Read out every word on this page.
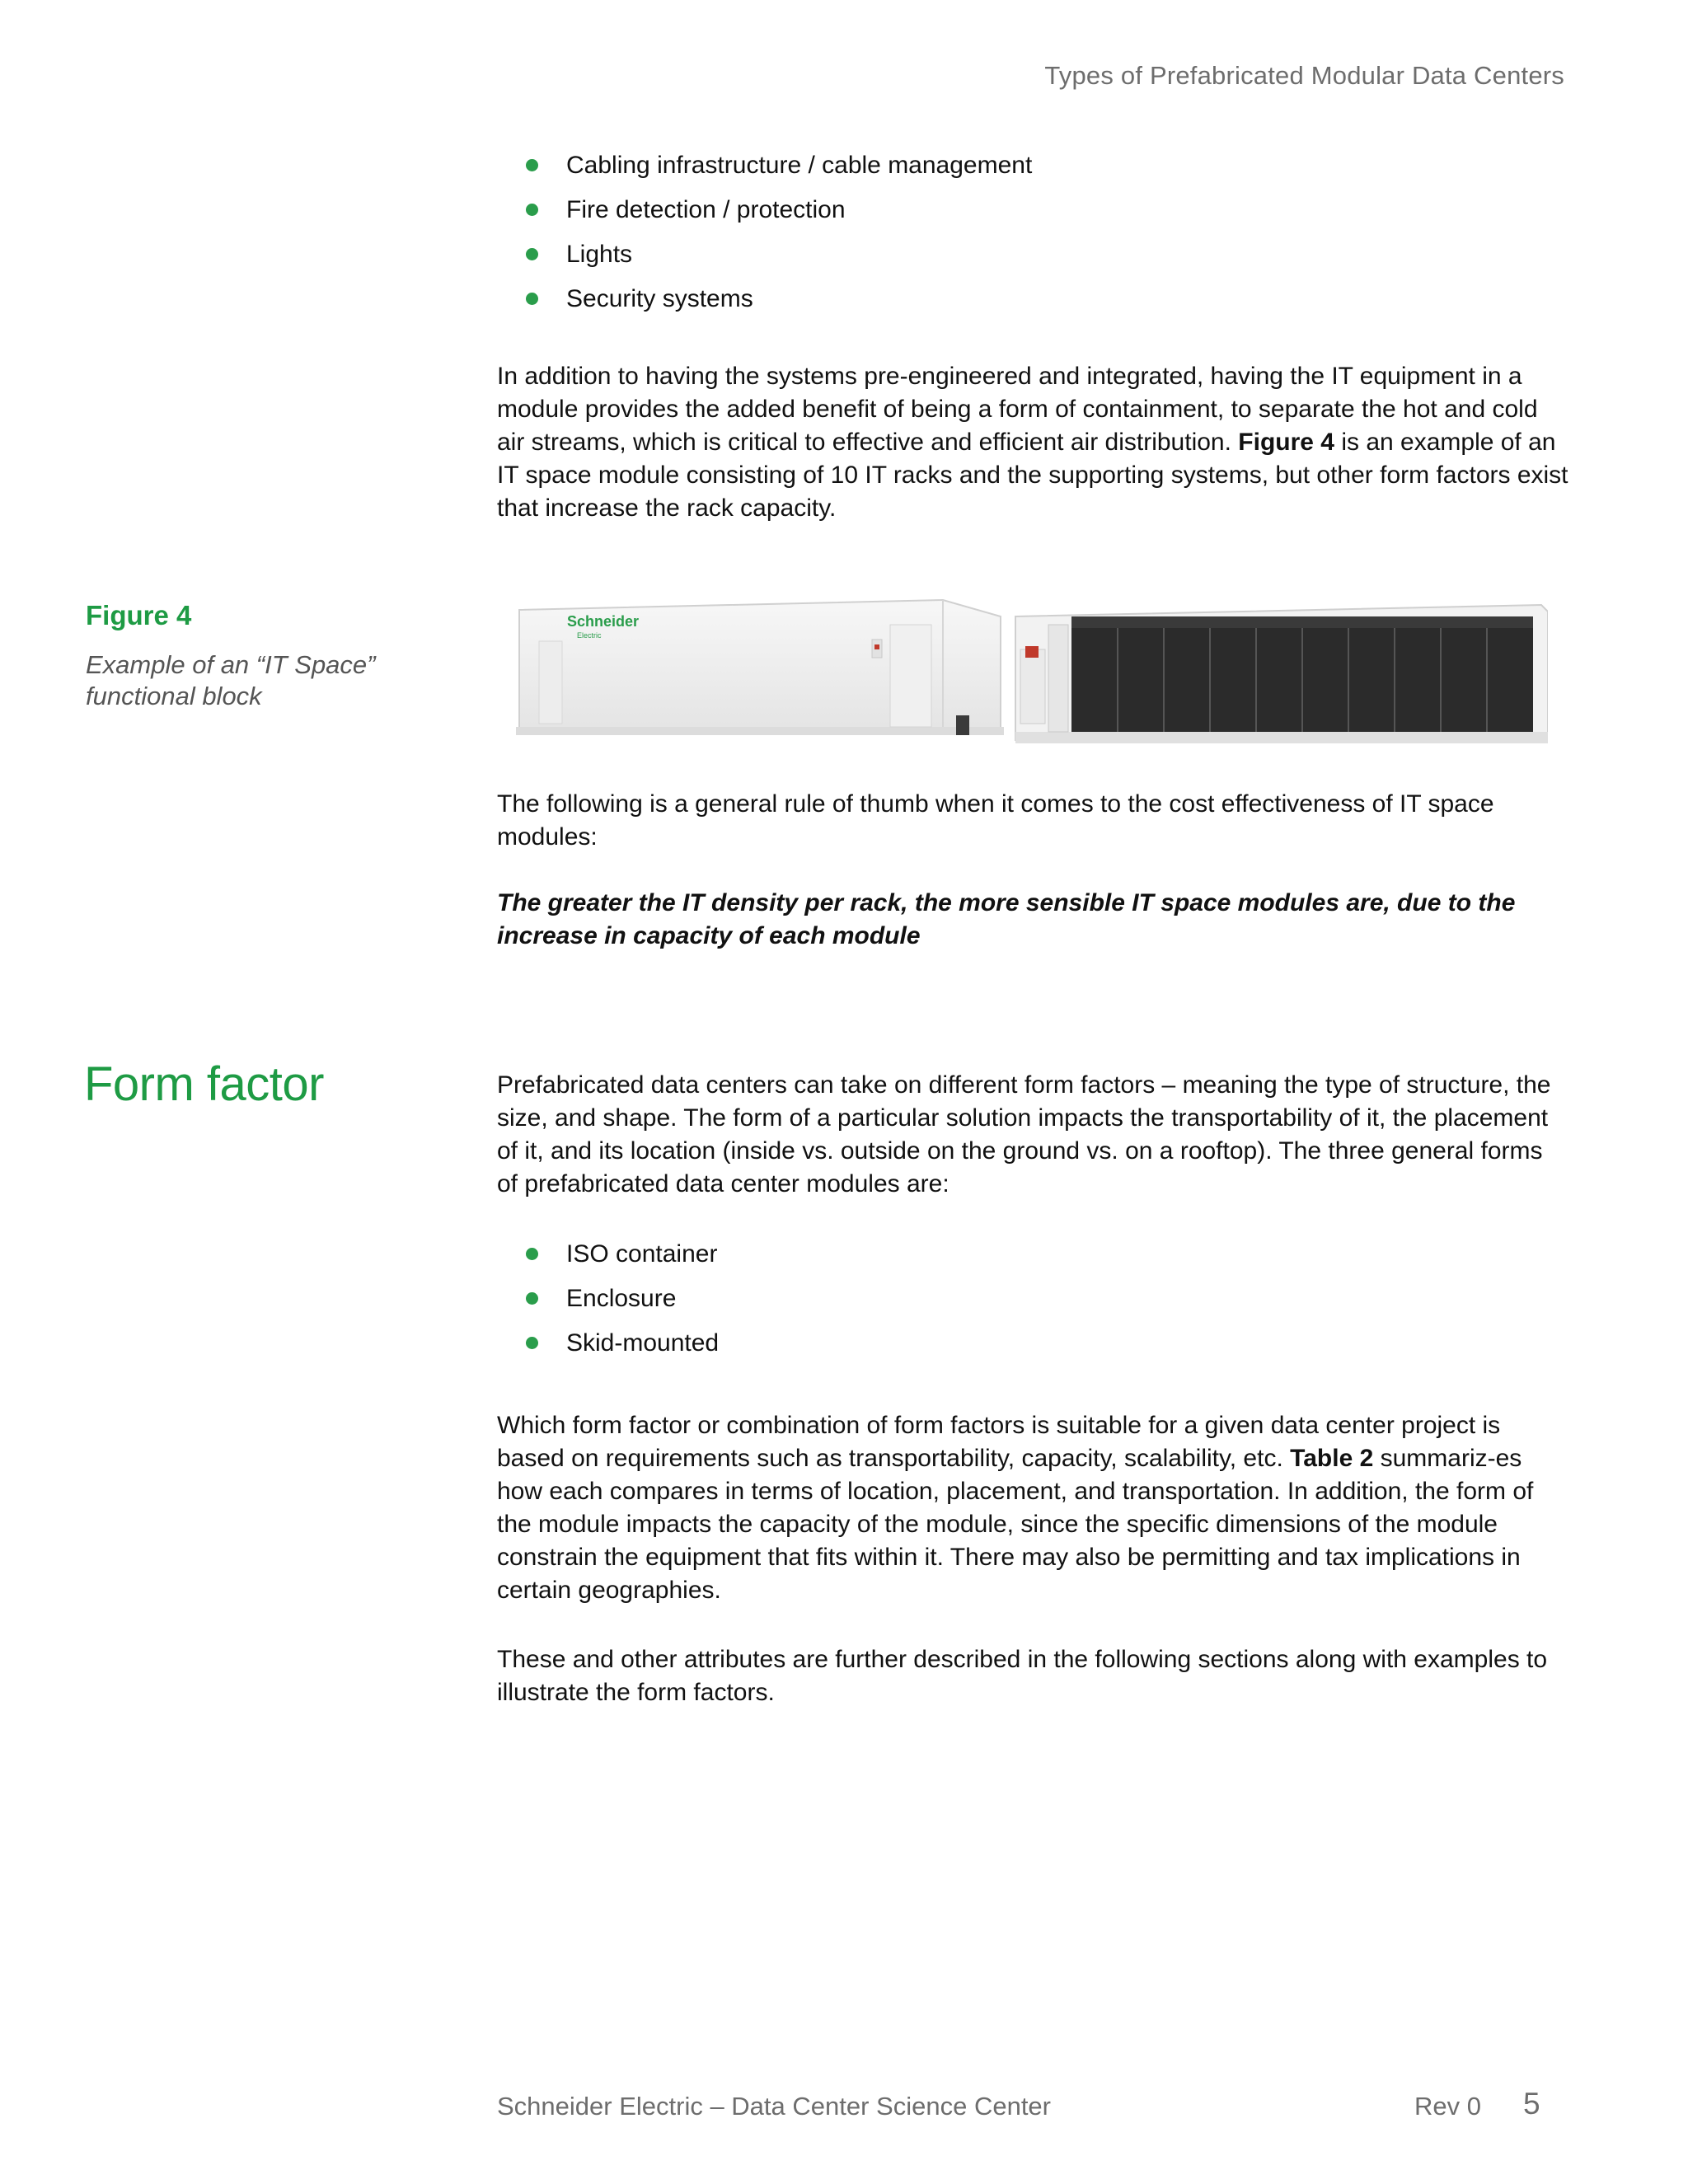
Types of Prefabricated Modular Data Centers
Cabling infrastructure / cable management
Fire detection / protection
Lights
Security systems

In addition to having the systems pre-engineered and integrated, having the IT equipment in a module provides the added benefit of being a form of containment, to separate the hot and cold air streams, which is critical to effective and efficient air distribution. Figure 4 is an example of an IT space module consisting of 10 IT racks and the supporting systems, but other form factors exist that increase the rack capacity.

Figure 4
Example of an “IT Space” functional block
Schneider
Electric

The following is a general rule of thumb when it comes to the cost effectiveness of IT space modules:

The greater the IT density per rack, the more sensible IT space modules are, due to the increase in capacity of each module

Form factor	Prefabricated data centers can take on different form factors – meaning the type of structure, the size, and shape. The form of a particular solution impacts the transportability of it, the placement of it, and its location (inside vs. outside on the ground vs. on a rooftop). The three general forms of prefabricated data center modules are:

ISO container
Enclosure
Skid-mounted

Which form factor or combination of form factors is suitable for a given data center project is based on requirements such as transportability, capacity, scalability, etc. Table 2 summariz-es how each compares in terms of location, placement, and transportation. In addition, the form of the module impacts the capacity of the module, since the specific dimensions of the module constrain the equipment that fits within it. There may also be permitting and tax implications in certain geographies.

These and other attributes are further described in the following sections along with examples to illustrate the form factors.

Schneider Electric – Data Center Science Center	Rev 0 5
